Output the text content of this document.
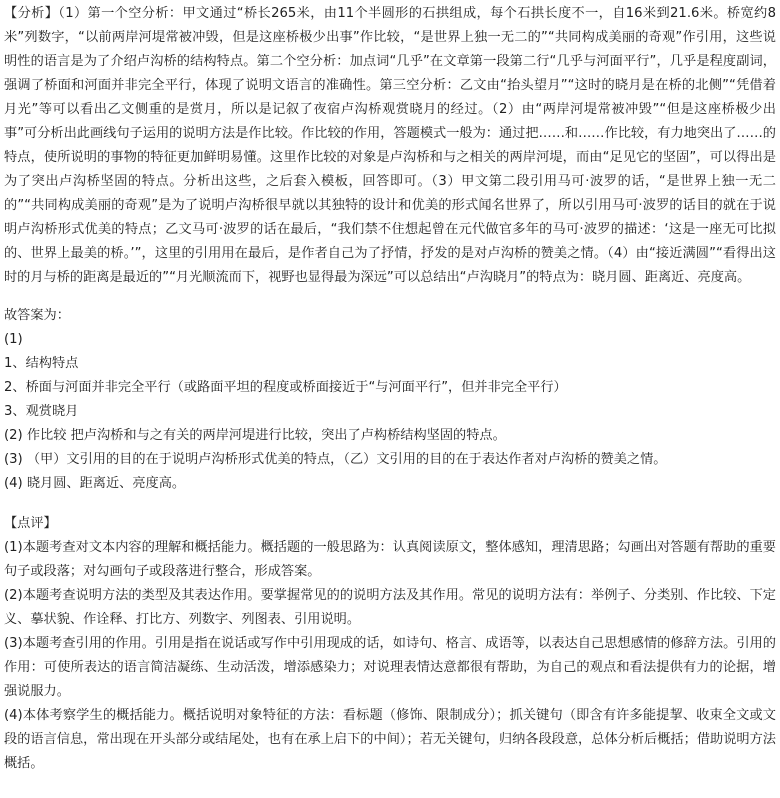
【分析】（1）第一个空分析：甲文通过“桥长265米，由11个半圆形的石拱组成，每个石拱长度不一，自16米到21.6米。桥宽约8米”列数字，“以前两岸河堤常被冲毁，但是这座桥极少出事”作比较，“是世界上独一无二的”“共同构成美丽的奇观”作引用，这些说明性的语言是为了介绍卢沟桥的结构特点。第二个空分析：加点词“几乎”在文章第一段第二行“几乎与河面平行”，几乎是程度副词，强调了桥面和河面并非完全平行，体现了说明文语言的准确性。第三空分析：乙文由“抬头望月”“这时的晓月是在桥的北侧”“凭借着月光”等可以看出乙文侧重的是赏月，所以是记叙了夜宿卢沟桥观赏晓月的经过。（2）由“两岸河堤常被冲毁”“但是这座桥极少出事”可分析出此画线句子运用的说明方法是作比较。作比较的作用，答题模式一般为：通过把……和……作比较，有力地突出了……的特点，使所说明的事物的特征更加鲜明易懂。这里作比较的对象是卢沟桥和与之相关的两岸河堤，而由“足见它的坚固”，可以得出是为了突出卢沟桥坚固的特点。分析出这些，之后套入模板，回答即可。（3）甲文第二段引用马可·波罗的话，“是世界上独一无二的”“共同构成美丽的奇观”是为了说明卢沟桥很早就以其独特的设计和优美的形式闻名世界了，所以引用马可·波罗的话目的就在于说明卢沟桥形式优美的特点；乙文马可·波罗的话在最后，“我们禁不住想起曾在元代做官多年的马可·波罗的描述：‘这是一座无可比拟的、世界上最美的桥。’”，这里的引用用在最后，是作者自己为了抒情，抒发的是对卢沟桥的赞美之情。（4）由“接近满圆”“看得出这时的月与桥的距离是最近的”“月光顺流而下，视野也显得最为深远”可以总结出“卢沟晓月”的特点为：晓月圆、距离近、亮度高。

故答案为：

(1)

1、结构特点

2、桥面与河面并非完全平行（或路面平坦的程度或桥面接近于“与河面平行”，但并非完全平行）

3、观赏晓月

(2) 作比较 把卢沟桥和与之有关的两岸河堤进行比较，突出了卢构桥结构坚固的特点。

(3) （甲）文引用的目的在于说明卢沟桥形式优美的特点，（乙）文引用的目的在于表达作者对卢沟桥的赞美之情。

(4) 晓月圆、距离近、亮度高。

【点评】

(1)本题考查对文本内容的理解和概括能力。概括题的一般思路为：认真阅读原文，整体感知，理清思路；勾画出对答题有帮助的重要句子或段落；对勾画句子或段落进行整合，形成答案。

(2)本题考查说明方法的类型及其表达作用。要掌握常见的的说明方法及其作用。常见的说明方法有：举例子、分类别、作比较、下定义、摹状貌、作诠释、打比方、列数字、列图表、引用说明。

(3)本题考查引用的作用。引用是指在说话或写作中引用现成的话，如诗句、格言、成语等，以表达自己思想感情的修辞方法。引用的作用：可使所表达的语言简洁凝练、生动活泼，增添感染力；对说理表情达意都很有帮助，为自己的观点和看法提供有力的论据，增强说服力。

(4)本体考察学生的概括能力。概括说明对象特征的方法：看标题（修饰、限制成分）；抓关键句（即含有许多能提挈、收束全文或文段的语言信息，常出现在开头部分或结尾处，也有在承上启下的中间）；若无关键句，归纳各段段意，总体分析后概括；借助说明方法概括。
